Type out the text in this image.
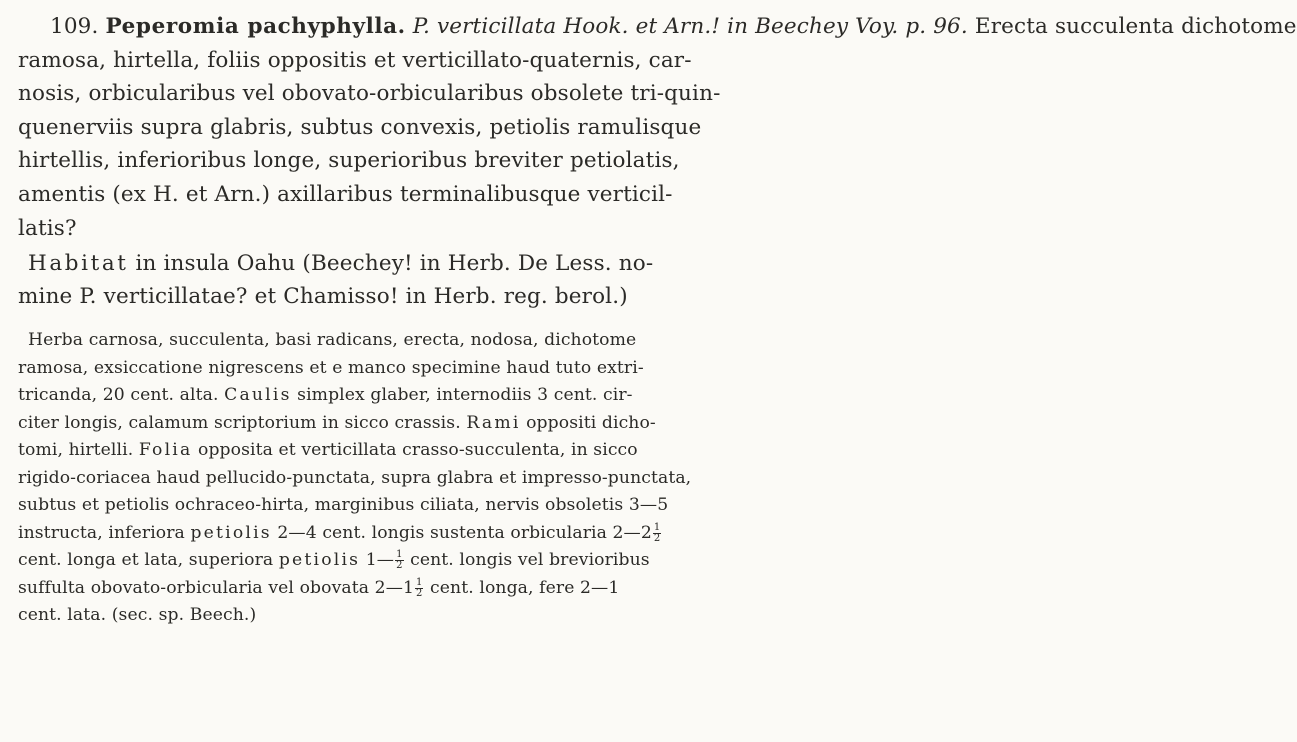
109. Peperomia pachyphylla. P. verticillata Hook. et Arn.! in Beechey Voy. p. 96. Erecta succulenta dichotome
ramosa, hirtella, foliis oppositis et verticillato-quaternis, car-
nosis, orbicularibus vel obovato-orbicularibus obsolete tri-quin-
quenerviis supra glabris, subtus convexis, petiolis ramulisque
hirtellis, inferioribus longe, superioribus breviter petiolatis,
amentis (ex H. et Arn.) axillaribus terminalibusque verticil-
latis?
Habitat in insula Oahu (Beechey! in Herb. De Less. no-
mine P. verticillatae? et Chamisso! in Herb. reg. berol.)
Herba carnosa, succulenta, basi radicans, erecta, nodosa, dichotome
ramosa, exsiccatione nigrescens et e manco specimine haud tuto extri-
tricanda, 20 cent. alta. Caulis simplex glaber, internodiis 3 cent. cir-
citer longis, calamum scriptorium in sicco crassis. Rami oppositi dicho-
tomi, hirtelli. Folia opposita et verticillata crasso-succulenta, in sicco
rigido-coriacea haud pellucido-punctata, supra glabra et impresso-punctata,
subtus et petiolis ochraceo-hirta, marginibus ciliata, nervis obsoletis 3—5
instructa, inferiora petiolis 2—4 cent. longis sustenta orbicularia 2—2 $\frac{1}{2}$
cent. longa et lata, superiora petiolis 1— $\frac{1}{2}$ cent. longis vel brevioribus
suffulta obovato-orbicularia vel obovata 2—1 $\frac{1}{2}$ cent. longa, fere 2—1
cent. lata. (sec. sp. Beech.)
